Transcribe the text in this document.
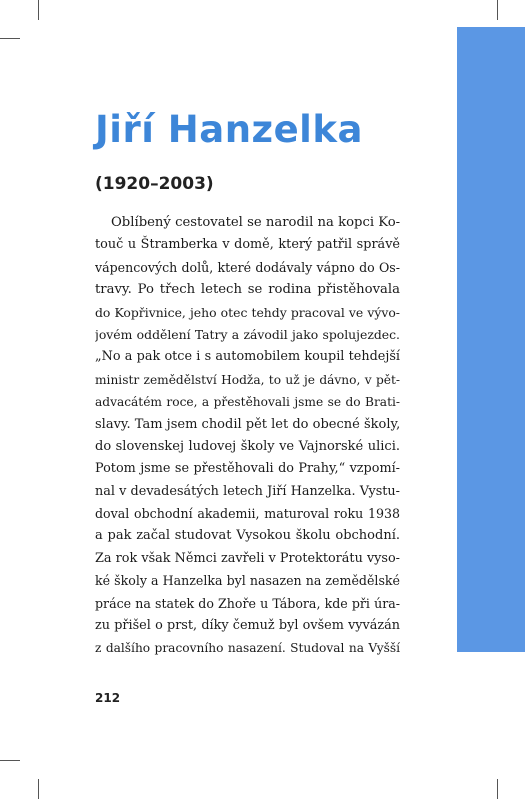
Jiří Hanzelka
(1920–2003)
Oblíbený cestovatel se narodil na kopci Ko-
touč u Štramberka v domě, který patřil správě
vápencových dolů, které dodávaly vápno do Os-
travy. Po třech letech se rodina přistěhovala
do Kopřivnice, jeho otec tehdy pracoval ve vývo-
jovém oddělení Tatry a závodil jako spolujezdec.
„No a pak otce i s automobilem koupil tehdejší
ministr zemědělství Hodža, to už je dávno, v pět-
advacátém roce, a přestěhovali jsme se do Brati-
slavy. Tam jsem chodil pět let do obecné školy,
do slovenskej ludovej školy ve Vajnorské ulici.
Potom jsme se přestěhovali do Prahy,“ vzpomí-
nal v devadesátých letech Jiří Hanzelka. Vystu-
doval obchodní akademii, maturoval roku 1938
a pak začal studovat Vysokou školu obchodní.
Za rok však Němci zavřeli v Protektorátu vyso-
ké školy a Hanzelka byl nasazen na zemědělské
práce na statek do Zhoře u Tábora, kde při úra-
zu přišel o prst, díky čemuž byl ovšem vyvázán
z dalšího pracovního nasazení. Studoval na Vyšší
212
